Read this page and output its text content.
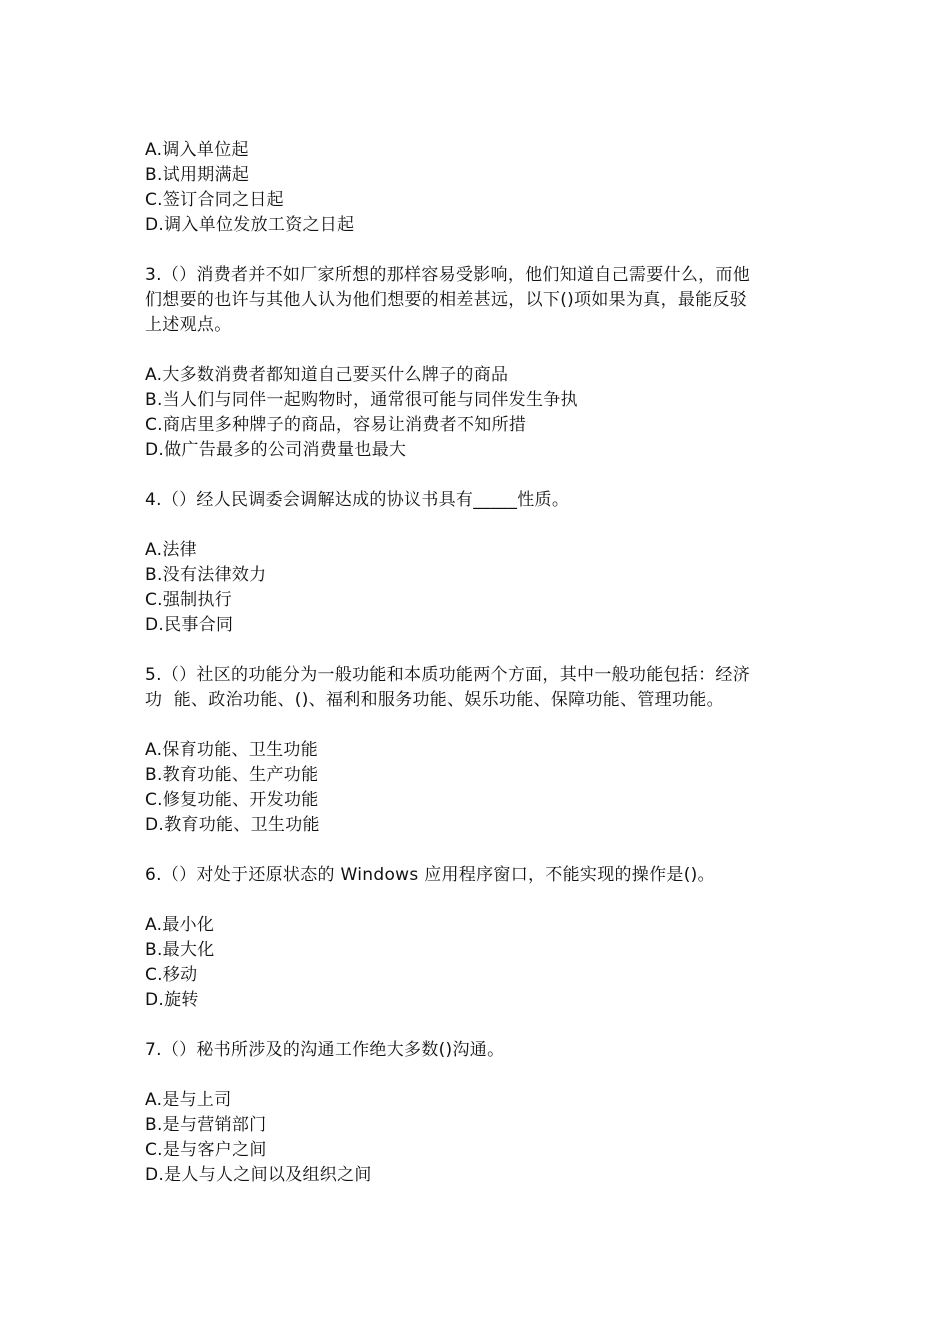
A.调入单位起
B.试用期满起
C.签订合同之日起
D.调入单位发放工资之日起
3.（）消费者并不如厂家所想的那样容易受影响，他们知道自己需要什么，而他
们想要的也许与其他人认为他们想要的相差甚远，以下()项如果为真，最能反驳
上述观点。
A.大多数消费者都知道自己要买什么牌子的商品
B.当人们与同伴一起购物时，通常很可能与同伴发生争执
C.商店里多种牌子的商品，容易让消费者不知所措
D.做广告最多的公司消费量也最大
4.（）经人民调委会调解达成的协议书具有_____性质。
A.法律
B.没有法律效力
C.强制执行
D.民事合同
5.（）社区的功能分为一般功能和本质功能两个方面，其中一般功能包括：经济
功  能、政治功能、()、福利和服务功能、娱乐功能、保障功能、管理功能。
A.保育功能、卫生功能
B.教育功能、生产功能
C.修复功能、开发功能
D.教育功能、卫生功能
6.（）对处于还原状态的 Windows 应用程序窗口，不能实现的操作是()。
A.最小化
B.最大化
C.移动
D.旋转
7.（）秘书所涉及的沟通工作绝大多数()沟通。
A.是与上司
B.是与营销部门
C.是与客户之间
D.是人与人之间以及组织之间
